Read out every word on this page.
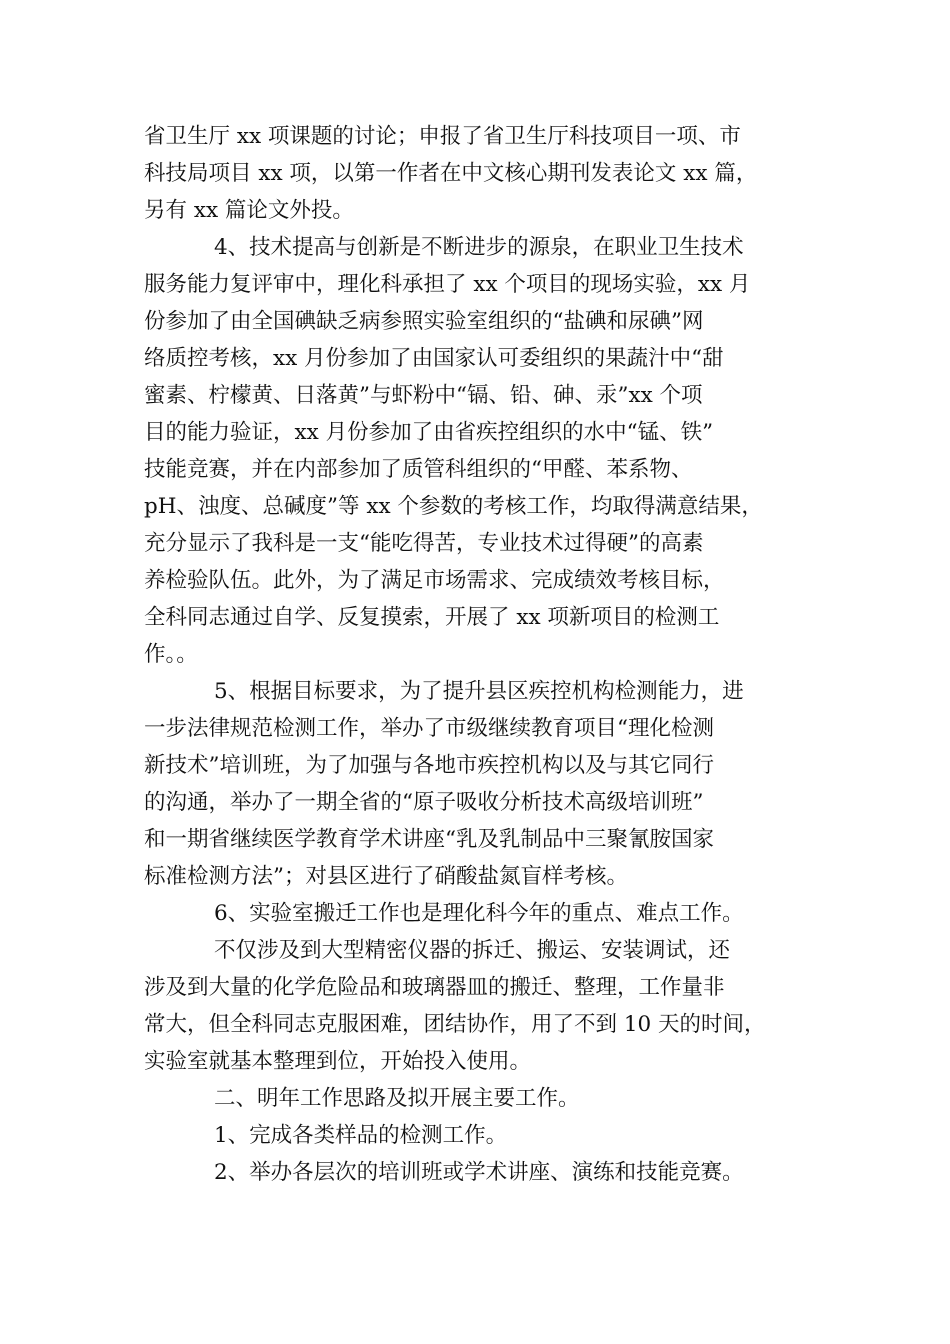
省卫生厅 xx 项课题的讨论；申报了省卫生厅科技项目一项、市
科技局项目 xx 项，以第一作者在中文核心期刊发表论文 xx 篇，
另有 xx 篇论文外投。
4、技术提高与创新是不断进步的源泉，在职业卫生技术
服务能力复评审中，理化科承担了 xx 个项目的现场实验，xx 月
份参加了由全国碘缺乏病参照实验室组织的“盐碘和尿碘”网
络质控考核，xx 月份参加了由国家认可委组织的果蔬汁中“甜
蜜素、柠檬黄、日落黄”与虾粉中“镉、铅、砷、汞”xx 个项
目的能力验证，xx 月份参加了由省疾控组织的水中“锰、铁”
技能竞赛，并在内部参加了质管科组织的“甲醛、苯系物、
pH、浊度、总碱度”等 xx 个参数的考核工作，均取得满意结果，
充分显示了我科是一支“能吃得苦，专业技术过得硬”的高素
养检验队伍。此外，为了满足市场需求、完成绩效考核目标，
全科同志通过自学、反复摸索，开展了 xx 项新项目的检测工
作。。
5、根据目标要求，为了提升县区疾控机构检测能力，进
一步法律规范检测工作，举办了市级继续教育项目“理化检测
新技术”培训班，为了加强与各地市疾控机构以及与其它同行
的沟通，举办了一期全省的“原子吸收分析技术高级培训班”
和一期省继续医学教育学术讲座“乳及乳制品中三聚氰胺国家
标准检测方法”；对县区进行了硝酸盐氮盲样考核。
6、实验室搬迁工作也是理化科今年的重点、难点工作。
不仅涉及到大型精密仪器的拆迁、搬运、安装调试，还
涉及到大量的化学危险品和玻璃器皿的搬迁、整理，工作量非
常大，但全科同志克服困难，团结协作，用了不到 10 天的时间，
实验室就基本整理到位，开始投入使用。
二、明年工作思路及拟开展主要工作。
1、完成各类样品的检测工作。
2、举办各层次的培训班或学术讲座、演练和技能竞赛。
